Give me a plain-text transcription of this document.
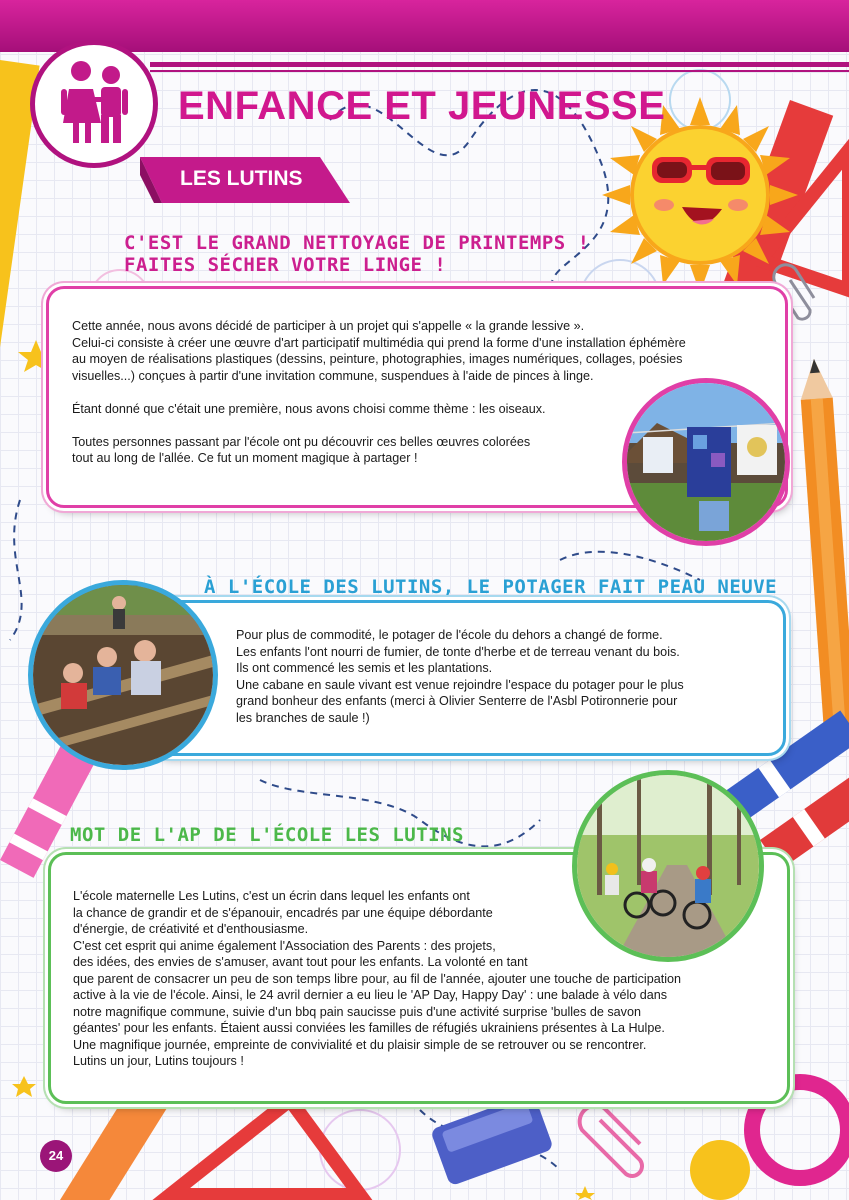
ENFANCE ET JEUNESSE
LES LUTINS
C'EST LE GRAND NETTOYAGE DE PRINTEMPS !
FAITES SÉCHER VOTRE LINGE !

Cette année, nous avons décidé de participer à un projet qui s'appelle « la grande lessive ».

Celui-ci consiste à créer une œuvre d'art participatif multimédia qui prend la forme d'une installation éphémère

au moyen de réalisations plastiques (dessins, peinture, photographies, images numériques, collages, poésies

visuelles...) conçues à partir d'une invitation commune, suspendues à l'aide de pinces à linge.

Étant donné que c'était une première, nous avons choisi comme thème : les oiseaux.

Toutes personnes passant par l'école ont pu découvrir ces belles œuvres colorées

tout au long de l'allée. Ce fut un moment magique à partager !

À L'ÉCOLE DES LUTINS, LE POTAGER FAIT PEAU NEUVE

Pour plus de commodité, le potager de l'école du dehors a changé de forme.

Les enfants l'ont nourri de fumier, de tonte d'herbe et de terreau venant du bois.

Ils ont commencé les semis et les plantations.

Une cabane en saule vivant est venue rejoindre l'espace du potager pour le plus

grand bonheur des enfants (merci à Olivier Senterre de l'Asbl Potironnerie pour

les branches de saule !)

MOT DE L'AP DE L'ÉCOLE LES LUTINS

L'école maternelle Les Lutins, c'est un écrin dans lequel les enfants ont

la chance de grandir et de s'épanouir, encadrés par une équipe débordante

d'énergie, de créativité et d'enthousiasme.

C'est cet esprit qui anime également l'Association des Parents : des projets,

des idées, des envies de s'amuser, avant tout pour les enfants. La volonté en tant

que parent de consacrer un peu de son temps libre pour, au fil de l'année, ajouter une touche de participation

active à la vie de l'école. Ainsi, le 24 avril dernier a eu lieu le 'AP Day, Happy Day' : une balade à vélo dans

notre magnifique commune, suivie d'un bbq pain saucisse puis d'une activité surprise 'bulles de savon

géantes' pour les enfants. Étaient aussi conviées les familles de réfugiés ukrainiens présentes à La Hulpe.

Une magnifique journée, empreinte de convivialité et du plaisir simple de se retrouver ou se rencontrer.

Lutins un jour, Lutins toujours !

24
